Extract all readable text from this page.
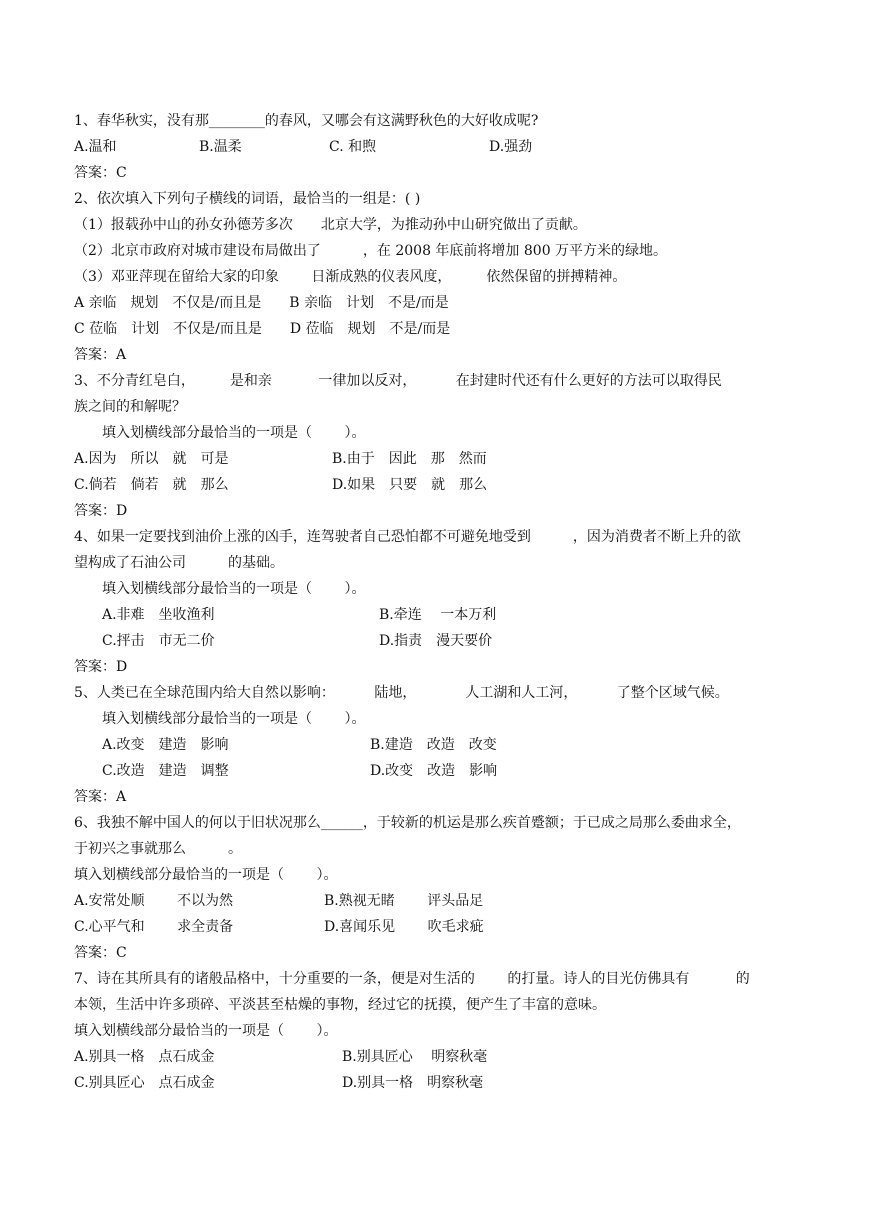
1、春华秋实，没有那________的春风，又哪会有这满野秋色的大好收成呢?
A.温和	B.温柔	C. 和煦	D.强劲
答案：C
2、依次填入下列句子横线的词语，最恰当的一组是：( )
（1）报载孙中山的孙女孙德芳多次　　北京大学，为推动孙中山研究做出了贡献。
（2）北京市政府对城市建设布局做出了　　　，在 2008 年底前将增加 800 万平方米的绿地。
（3）邓亚萍现在留给大家的印象　　 日渐成熟的仪表风度，　　　依然保留的拼搏精神。
A 亲临　规划　不仅是/而且是　　B 亲临　计划　不是/而是
C 莅临　计划　不仅是/而且是　　D 莅临　规划　不是/而是
答案：A
3、不分青红皂白，　　　是和亲　　　 一律加以反对，　　　 在封建时代还有什么更好的方法可以取得民
族之间的和解呢？
填入划横线部分最恰当的一项是（　　 ）。
A.因为　所以　就　可是	B.由于　因此　那　然而
C.倘若　倘若　就　那么	D.如果　只要　就　那么
答案：D
4、如果一定要找到油价上涨的凶手，连驾驶者自己恐怕都不可避免地受到　　　，因为消费者不断上升的欲
望构成了石油公司　　　的基础。
填入划横线部分最恰当的一项是（　　 ）。
A.非难　坐收渔利	B.牵连　 一本万利
C.抨击　市无二价	D.指责　漫天要价
答案：D
5、人类已在全球范围内给大自然以影响：　　　 陆地，　　　　人工湖和人工河，　　　 了整个区域气候。
填入划横线部分最恰当的一项是（　　 ）。
A.改变　建造　影响	B.建造　改造　改变
C.改造　建造　调整	D.改变　改造　影响
答案：A
6、我独不解中国人的何以于旧状况那么______，于较新的机运是那么疾首蹙额；于已成之局那么委曲求全，
于初兴之事就那么　　　。
填入划横线部分最恰当的一项是（　　 ）。
A.安常处顺　　 不以为然	B.熟视无睹　　 评头品足
C.心平气和　　 求全责备	D.喜闻乐见　　 吹毛求疵
答案：C
7、诗在其所具有的诸般品格中，十分重要的一条，便是对生活的　　 的打量。诗人的目光仿佛具有　　　 的
本领，生活中许多琐碎、平淡甚至枯燥的事物，经过它的抚摸，便产生了丰富的意味。
填入划横线部分最恰当的一项是（　　 ）。
A.别具一格　点石成金	B.别具匠心　 明察秋毫
C.别具匠心　点石成金	D.别具一格　明察秋毫
